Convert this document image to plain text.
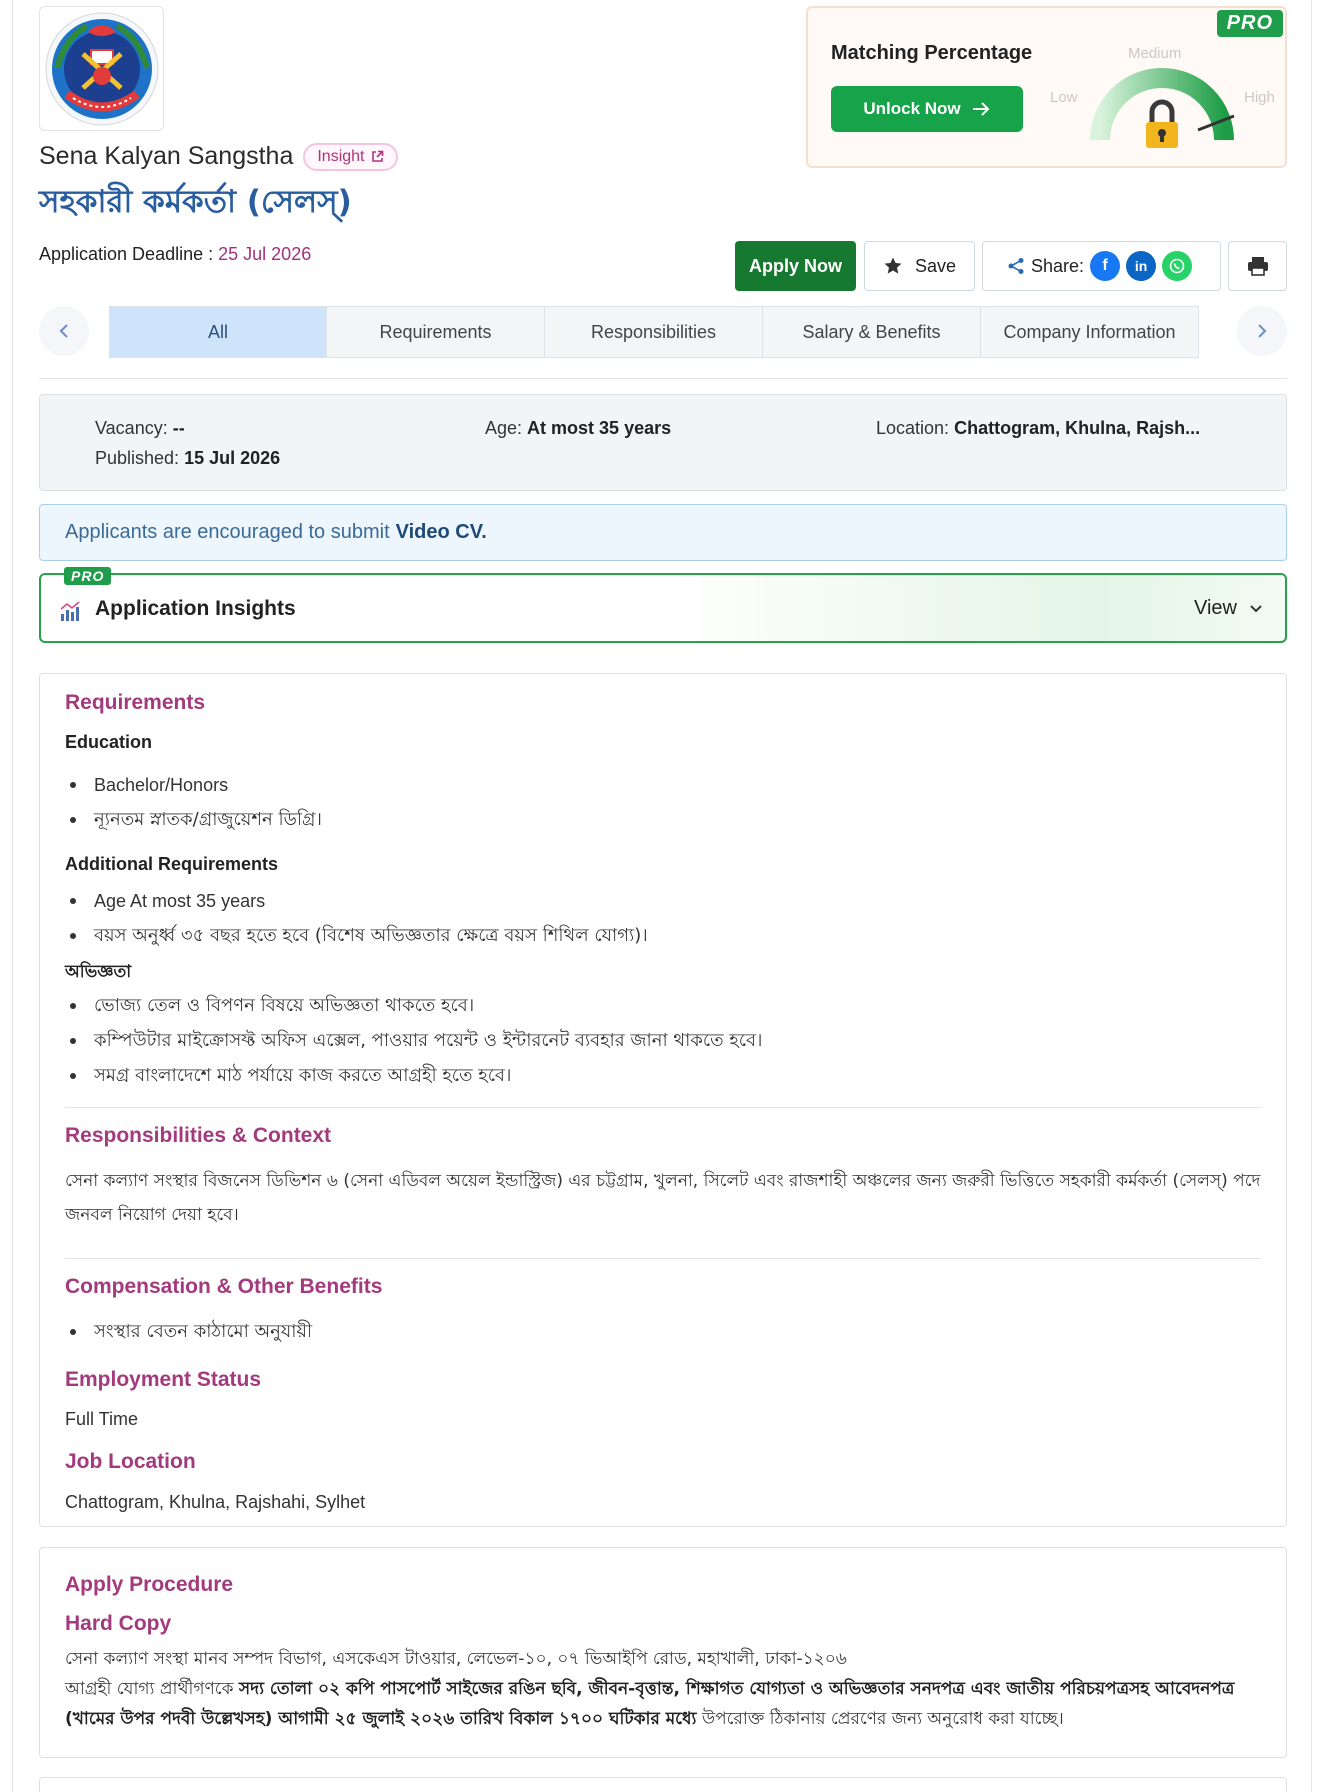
Sena Kalyan Sangstha Insight
সহকারী কর্মকর্তা (সেলস্)
Application Deadline : 25 Jul 2026
PRO
Matching Percentage
Unlock Now
Low
Medium
High
Apply Now	Save	Share:	f	in
All	Requirements	Responsibilities	Salary & Benefits	Company Information
Vacancy: --
Published: 15 Jul 2026
Age: At most 35 years	Location: Chattogram, Khulna, Rajsh...
Applicants are encouraged to submit Video CV.
PRO
Application Insights	View
Requirements
Education
Bachelor/Honors
ন্যূনতম স্নাতক/গ্রাজুয়েশন ডিগ্রি।
Additional Requirements
Age At most 35 years
বয়স অনুর্ধ্ব ৩৫ বছর হতে হবে (বিশেষ অভিজ্ঞতার ক্ষেত্রে বয়স শিথিল যোগ্য)।
অভিজ্ঞতা
ভোজ্য তেল ও বিপণন বিষয়ে অভিজ্ঞতা থাকতে হবে।
কম্পিউটার মাইক্রোসফ্ট অফিস এক্সেল, পাওয়ার পয়েন্ট ও ইন্টারনেট ব্যবহার জানা থাকতে হবে।
সমগ্র বাংলাদেশে মাঠ পর্যায়ে কাজ করতে আগ্রহী হতে হবে।
Responsibilities & Context
সেনা কল্যাণ সংস্থার বিজনেস ডিভিশন ৬ (সেনা এডিবল অয়েল ইন্ডাস্ট্রিজ) এর চট্টগ্রাম, খুলনা, সিলেট এবং রাজশাহী অঞ্চলের জন্য জরুরী ভিত্তিতে সহকারী কর্মকর্তা (সেলস্) পদে জনবল নিয়োগ দেয়া হবে।
Compensation & Other Benefits
সংস্থার বেতন কাঠামো অনুযায়ী
Employment Status
Full Time
Job Location
Chattogram, Khulna, Rajshahi, Sylhet
Apply Procedure
Hard Copy
সেনা কল্যাণ সংস্থা মানব সম্পদ বিভাগ, এসকেএস টাওয়ার, লেভেল-১০, ০৭ ভিআইপি রোড, মহাখালী, ঢাকা-১২০৬
আগ্রহী যোগ্য প্রার্থীগণকে সদ্য তোলা ০২ কপি পাসপোর্ট সাইজের রঙিন ছবি, জীবন-বৃত্তান্ত, শিক্ষাগত যোগ্যতা ও অভিজ্ঞতার সনদপত্র এবং জাতীয় পরিচয়পত্রসহ আবেদনপত্র (খামের উপর পদবী উল্লেখসহ) আগামী ২৫ জুলাই ২০২৬ তারিখ বিকাল ১৭০০ ঘটিকার মধ্যে উপরোক্ত ঠিকানায় প্রেরণের জন্য অনুরোধ করা যাচ্ছে।
